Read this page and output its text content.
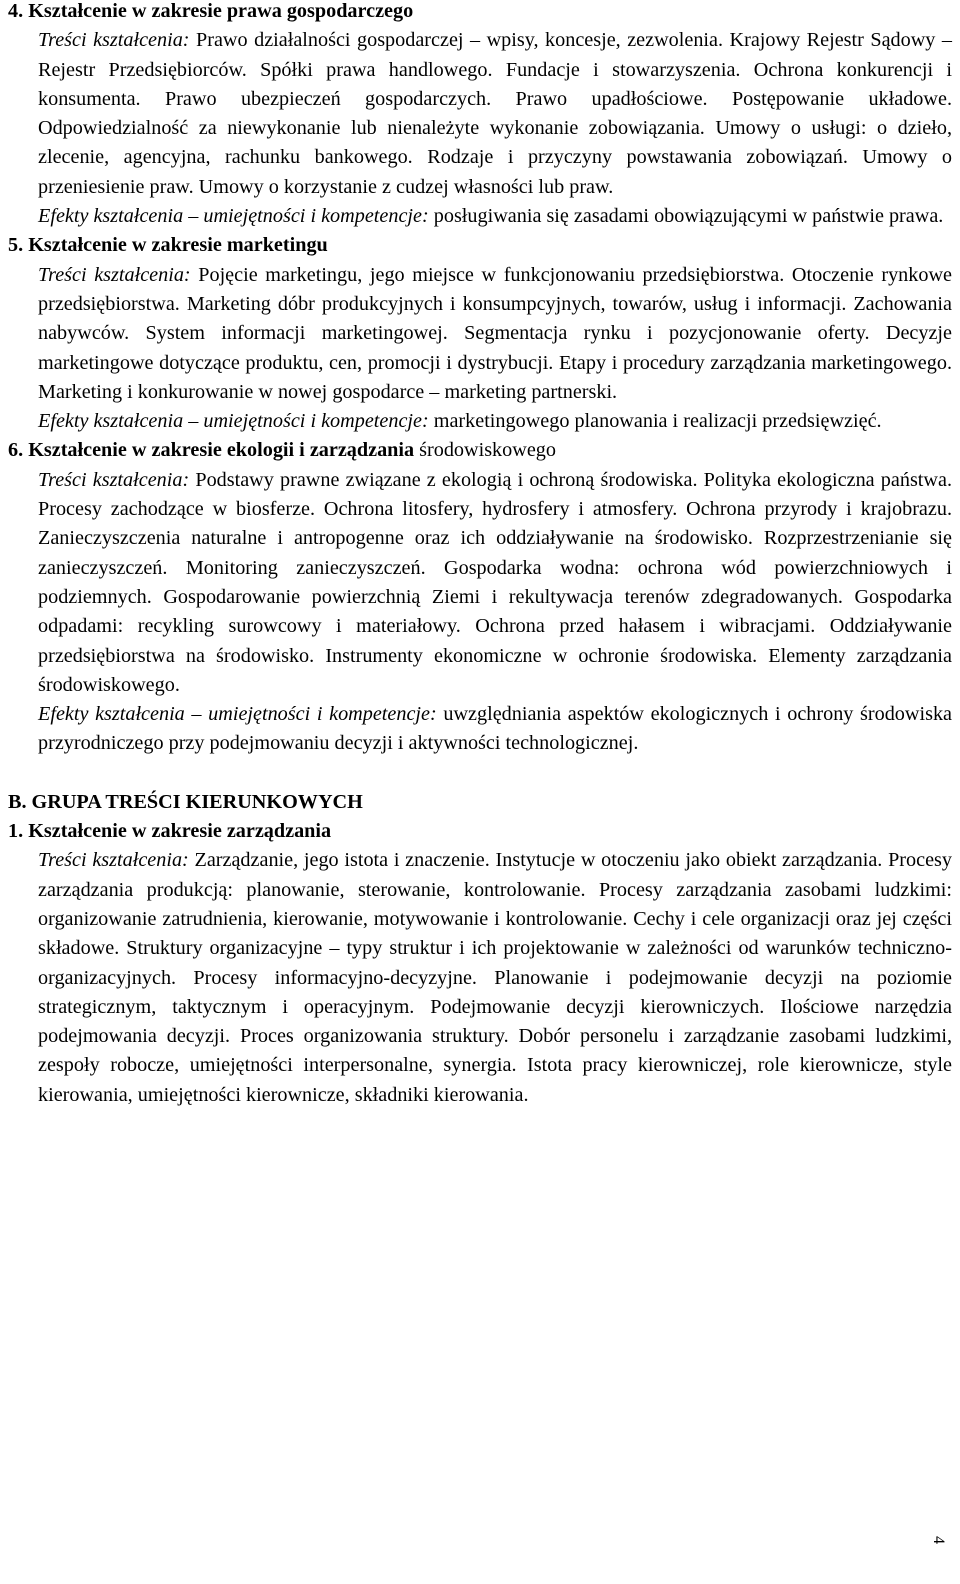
4. Kształcenie w zakresie prawa gospodarczego
Treści kształcenia: Prawo działalności gospodarczej – wpisy, koncesje, zezwolenia. Krajowy Rejestr Sądowy – Rejestr Przedsiębiorców. Spółki prawa handlowego. Fundacje i stowarzyszenia. Ochrona konkurencji i konsumenta. Prawo ubezpieczeń gospodarczych. Prawo upadłościowe. Postępowanie układowe. Odpowiedzialność za niewykonanie lub nienależyte wykonanie zobowiązania. Umowy o usługi: o dzieło, zlecenie, agencyjna, rachunku bankowego. Rodzaje i przyczyny powstawania zobowiązań. Umowy o przeniesienie praw. Umowy o korzystanie z cudzej własności lub praw.
Efekty kształcenia – umiejętności i kompetencje: posługiwania się zasadami obowiązującymi w państwie prawa.
5. Kształcenie w zakresie marketingu
Treści kształcenia: Pojęcie marketingu, jego miejsce w funkcjonowaniu przedsiębiorstwa. Otoczenie rynkowe przedsiębiorstwa. Marketing dóbr produkcyjnych i konsumpcyjnych, towarów, usług i informacji. Zachowania nabywców. System informacji marketingowej. Segmentacja rynku i pozycjonowanie oferty. Decyzje marketingowe dotyczące produktu, cen, promocji i dystrybucji. Etapy i procedury zarządzania marketingowego. Marketing i konkurowanie w nowej gospodarce – marketing partnerski.
Efekty kształcenia – umiejętności i kompetencje: marketingowego planowania i realizacji przedsięwzięć.
6. Kształcenie w zakresie ekologii i zarządzania środowiskowego
Treści kształcenia: Podstawy prawne związane z ekologią i ochroną środowiska. Polityka ekologiczna państwa. Procesy zachodzące w biosferze. Ochrona litosfery, hydrosfery i atmosfery. Ochrona przyrody i krajobrazu. Zanieczyszczenia naturalne i antropogenne oraz ich oddziaływanie na środowisko. Rozprzestrzenianie się zanieczyszczeń. Monitoring zanieczyszczeń. Gospodarka wodna: ochrona wód powierzchniowych i podziemnych. Gospodarowanie powierzchnią Ziemi i rekultywacja terenów zdegradowanych. Gospodarka odpadami: recykling surowcowy i materiałowy. Ochrona przed hałasem i wibracjami. Oddziaływanie przedsiębiorstwa na środowisko. Instrumenty ekonomiczne w ochronie środowiska. Elementy zarządzania środowiskowego.
Efekty kształcenia – umiejętności i kompetencje: uwzględniania aspektów ekologicznych i ochrony środowiska przyrodniczego przy podejmowaniu decyzji i aktywności technologicznej.
B. GRUPA TREŚCI KIERUNKOWYCH
1. Kształcenie w zakresie zarządzania
Treści kształcenia: Zarządzanie, jego istota i znaczenie. Instytucje w otoczeniu jako obiekt zarządzania. Procesy zarządzania produkcją: planowanie, sterowanie, kontrolowanie. Procesy zarządzania zasobami ludzkimi: organizowanie zatrudnienia, kierowanie, motywowanie i kontrolowanie. Cechy i cele organizacji oraz jej części składowe. Struktury organizacyjne – typy struktur i ich projektowanie w zależności od warunków techniczno-organizacyjnych. Procesy informacyjno-decyzyjne. Planowanie i podejmowanie decyzji na poziomie strategicznym, taktycznym i operacyjnym. Podejmowanie decyzji kierowniczych. Ilościowe narzędzia podejmowania decyzji. Proces organizowania struktury. Dobór personelu i zarządzanie zasobami ludzkimi, zespoły robocze, umiejętności interpersonalne, synergia. Istota pracy kierowniczej, role kierownicze, style kierowania, umiejętności kierownicze, składniki kierowania.
4
